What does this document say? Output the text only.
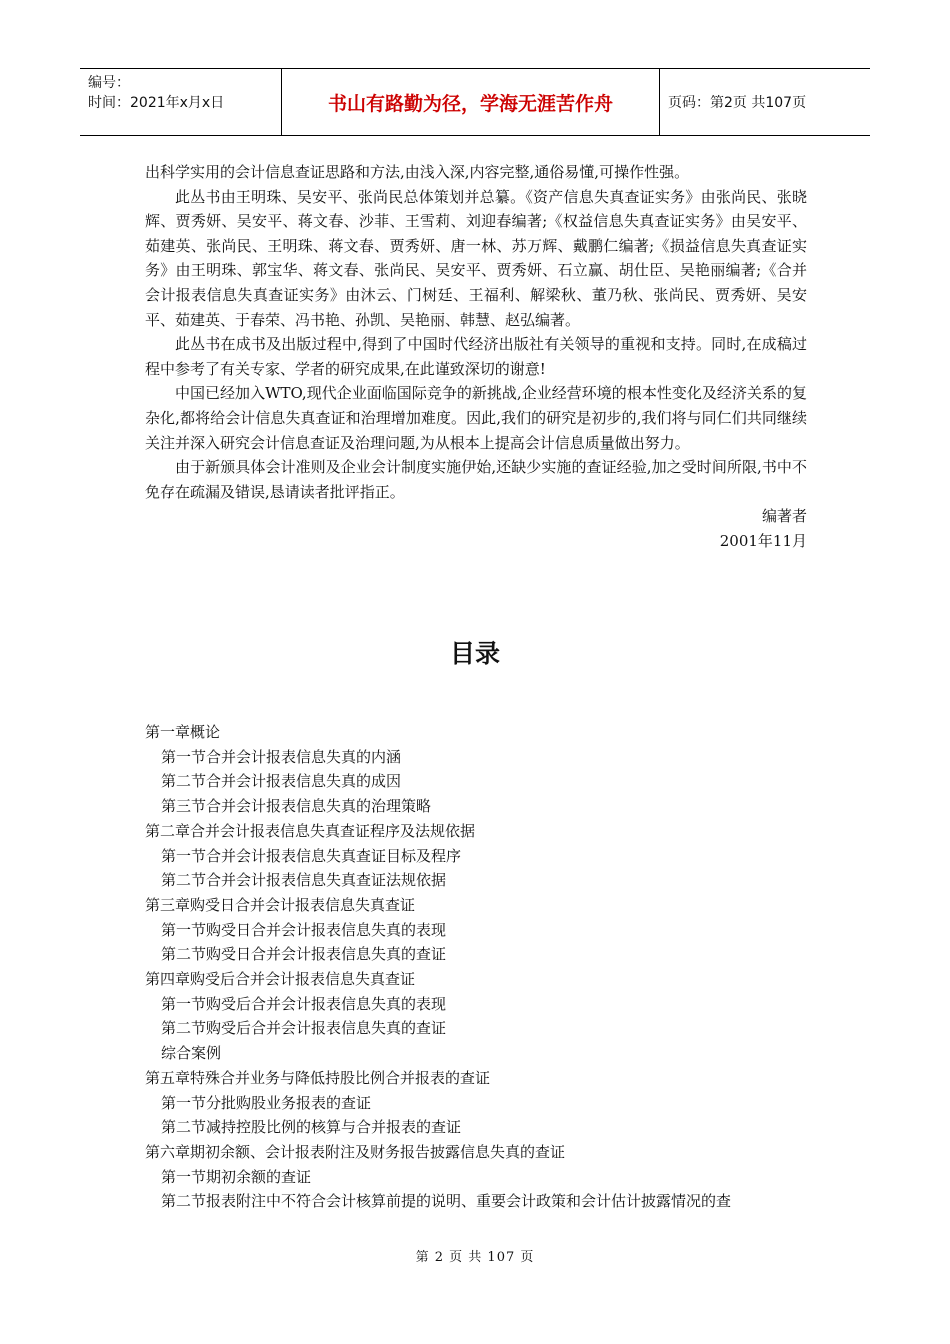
编号：
时间：2021年x月x日	书山有路勤为径，学海无涯苦作舟	页码：第2页 共107页

出科学实用的会计信息查证思路和方法,由浅入深,内容完整,通俗易懂,可操作性强。

此丛书由王明珠、吴安平、张尚民总体策划并总纂。《资产信息失真查证实务》由张尚民、张晓辉、贾秀妍、吴安平、蒋文春、沙菲、王雪莉、刘迎春编著;《权益信息失真查证实务》由吴安平、茹建英、张尚民、王明珠、蒋文春、贾秀妍、唐一林、苏万辉、戴鹏仁编著;《损益信息失真查证实务》由王明珠、郭宝华、蒋文春、张尚民、吴安平、贾秀妍、石立赢、胡仕臣、吴艳丽编著;《合并会计报表信息失真查证实务》由沐云、门树廷、王福利、解梁秋、董乃秋、张尚民、贾秀妍、吴安平、茹建英、于春荣、冯书艳、孙凯、吴艳丽、韩慧、赵弘编著。

此丛书在成书及出版过程中,得到了中国时代经济出版社有关领导的重视和支持。同时,在成稿过程中参考了有关专家、学者的研究成果,在此谨致深切的谢意!

中国已经加入WTO,现代企业面临国际竞争的新挑战,企业经营环境的根本性变化及经济关系的复杂化,都将给会计信息失真查证和治理增加难度。因此,我们的研究是初步的,我们将与同仁们共同继续关注并深入研究会计信息查证及治理问题,为从根本上提高会计信息质量做出努力。

由于新颁具体会计准则及企业会计制度实施伊始,还缺少实施的查证经验,加之受时间所限,书中不免存在疏漏及错误,恳请读者批评指正。

编著者

2001年11月

目录
第一章概论
第一节合并会计报表信息失真的内涵
第二节合并会计报表信息失真的成因
第三节合并会计报表信息失真的治理策略
第二章合并会计报表信息失真查证程序及法规依据
第一节合并会计报表信息失真查证目标及程序
第二节合并会计报表信息失真查证法规依据
第三章购受日合并会计报表信息失真查证
第一节购受日合并会计报表信息失真的表现
第二节购受日合并会计报表信息失真的查证
第四章购受后合并会计报表信息失真查证
第一节购受后合并会计报表信息失真的表现
第二节购受后合并会计报表信息失真的查证
综合案例
第五章特殊合并业务与降低持股比例合并报表的查证
第一节分批购股业务报表的查证
第二节减持控股比例的核算与合并报表的查证
第六章期初余额、会计报表附注及财务报告披露信息失真的查证
第一节期初余额的查证
第二节报表附注中不符合会计核算前提的说明、重要会计政策和会计估计披露情况的查
第 2 页 共 107 页
